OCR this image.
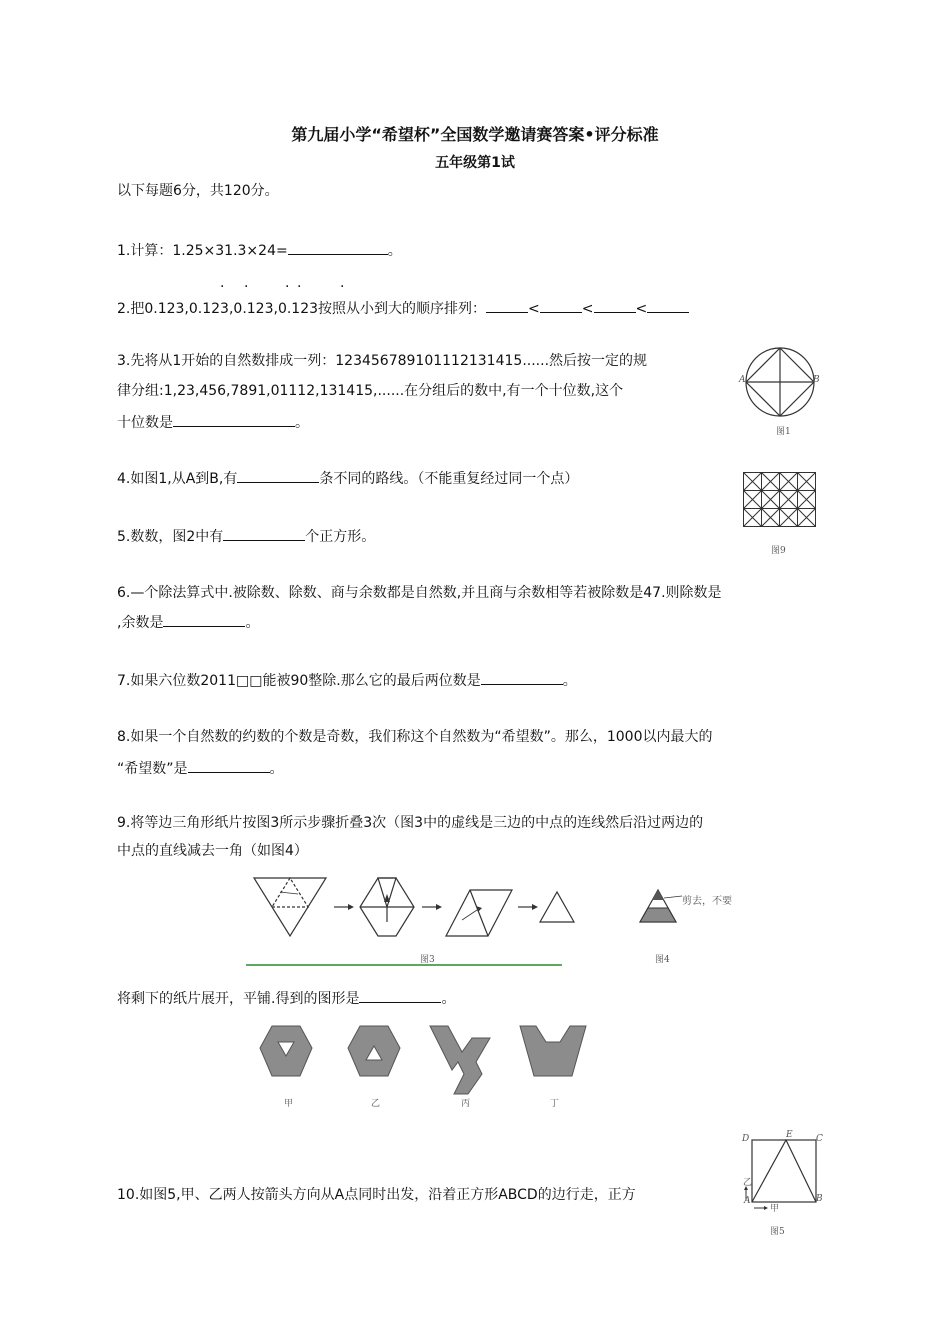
第九届小学“希望杯”全国数学邀请赛答案•评分标准
五年级第1试
以下每题6分，共120分。
1.计算：1.25×31.3×24=	。
· ·	· ·	·
2.把0.123,0.123,0.123,0.123按照从小到大的顺序排列：	<	<	<
3.先将从1开始的自然数排成一列：123456789101112131415......然后按一定的规
律分组:1,23,456,7891,01112,131415,......在分组后的数中,有一个十位数,这个
十位数是	。
A	B
图1
4.如图1,从A到B,有	条不同的路线。（不能重复经过同一个点）
图9
5.数数，图2中有	个正方形。
6.—个除法算式中.被除数、除数、商与余数都是自然数,并且商与余数相等若被除数是47.则除数是
,余数是	。
7.如果六位数2011□□能被90整除.那么它的最后两位数是	。
8.如果一个自然数的约数的个数是奇数，我们称这个自然数为“希望数”。那么，1000以内最大的
“希望数”是	。
9.将等边三角形纸片按图3所示步骤折叠3次（图3中的虚线是三边的中点的连线然后沿过两边的
中点的直线减去一角（如图4）
图3
剪去，不要
图4
将剩下的纸片展开，平铺.得到的图形是	。
甲	乙	丙	丁
D	E	C
A	B
乙
甲
图5
10.如图5,甲、乙两人按箭头方向从A点同时出发，沿着正方形ABCD的边行走，正方
